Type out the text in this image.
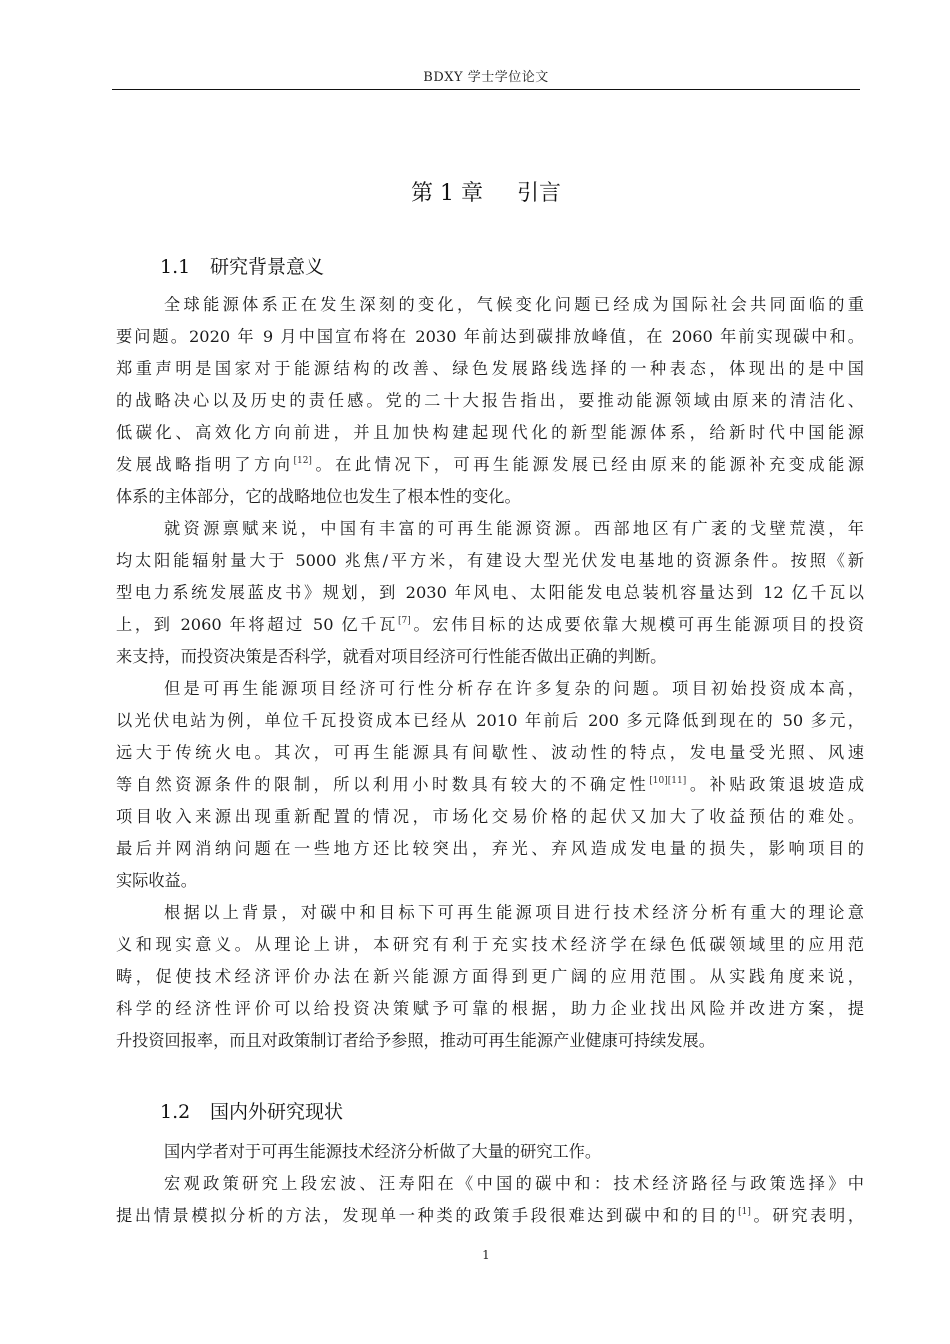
BDXY 学士学位论文
第 1 章 引言
1.1 研究背景意义
全球能源体系正在发生深刻的变化，气候变化问题已经成为国际社会共同面临的重
要问题。2020 年 9 月中国宣布将在 2030 年前达到碳排放峰值，在 2060 年前实现碳中和。
郑重声明是国家对于能源结构的改善、绿色发展路线选择的一种表态，体现出的是中国
的战略决心以及历史的责任感。党的二十大报告指出，要推动能源领域由原来的清洁化、
低碳化、高效化方向前进，并且加快构建起现代化的新型能源体系，给新时代中国能源
发展战略指明了方向[12]。在此情况下，可再生能源发展已经由原来的能源补充变成能源
体系的主体部分，它的战略地位也发生了根本性的变化。
就资源禀赋来说，中国有丰富的可再生能源资源。西部地区有广袤的戈壁荒漠，年
均太阳能辐射量大于 5000 兆焦/平方米，有建设大型光伏发电基地的资源条件。按照《新
型电力系统发展蓝皮书》规划，到 2030 年风电、太阳能发电总装机容量达到 12 亿千瓦以
上，到 2060 年将超过 50 亿千瓦[7]。宏伟目标的达成要依靠大规模可再生能源项目的投资
来支持，而投资决策是否科学，就看对项目经济可行性能否做出正确的判断。
但是可再生能源项目经济可行性分析存在许多复杂的问题。项目初始投资成本高，
以光伏电站为例，单位千瓦投资成本已经从 2010 年前后 200 多元降低到现在的 50 多元，
远大于传统火电。其次，可再生能源具有间歇性、波动性的特点，发电量受光照、风速
等自然资源条件的限制，所以利用小时数具有较大的不确定性[10][11]。补贴政策退坡造成
项目收入来源出现重新配置的情况，市场化交易价格的起伏又加大了收益预估的难处。
最后并网消纳问题在一些地方还比较突出，弃光、弃风造成发电量的损失，影响项目的
实际收益。
根据以上背景，对碳中和目标下可再生能源项目进行技术经济分析有重大的理论意
义和现实意义。从理论上讲，本研究有利于充实技术经济学在绿色低碳领域里的应用范
畴，促使技术经济评价办法在新兴能源方面得到更广阔的应用范围。从实践角度来说，
科学的经济性评价可以给投资决策赋予可靠的根据，助力企业找出风险并改进方案，提
升投资回报率，而且对政策制订者给予参照，推动可再生能源产业健康可持续发展。
1.2 国内外研究现状
国内学者对于可再生能源技术经济分析做了大量的研究工作。
宏观政策研究上段宏波、汪寿阳在《中国的碳中和：技术经济路径与政策选择》中
提出情景模拟分析的方法，发现单一种类的政策手段很难达到碳中和的目的[1]。研究表明，
1
